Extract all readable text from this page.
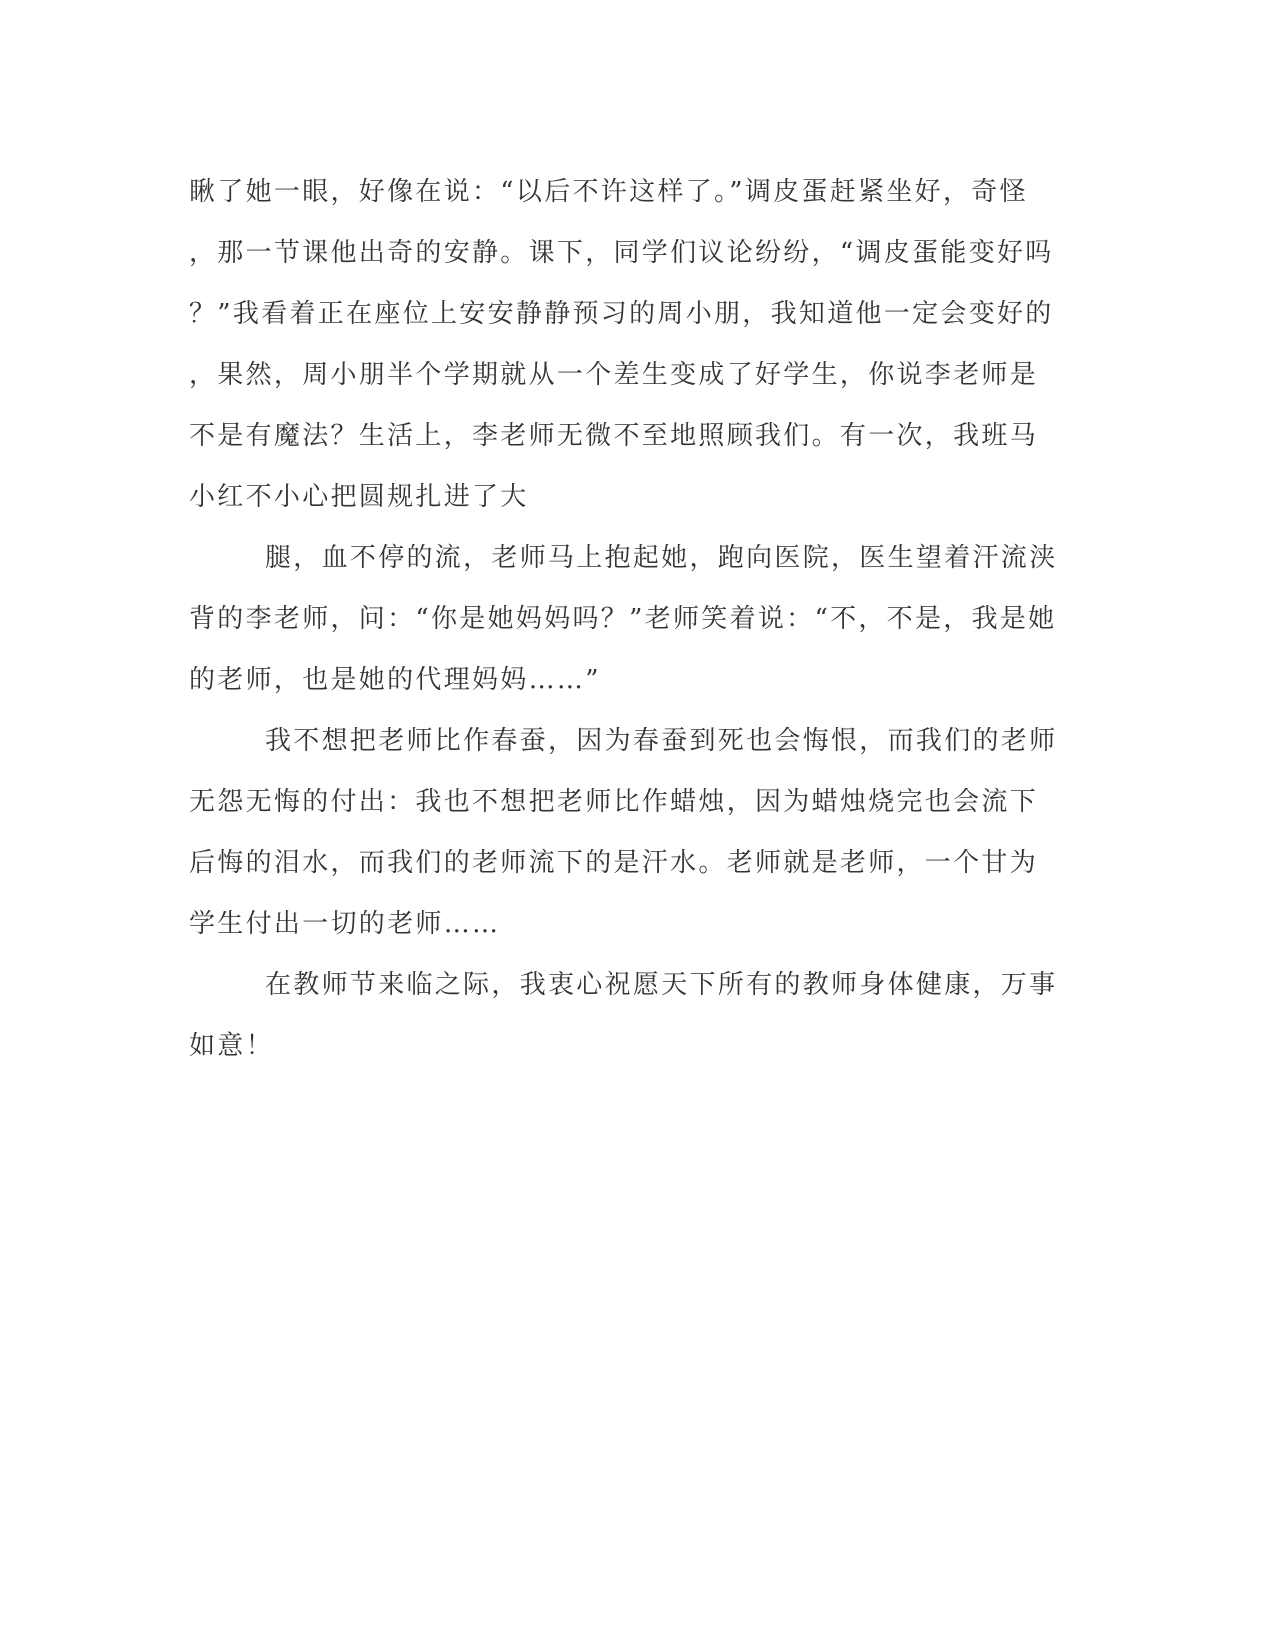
瞅了她一眼，好像在说：“以后不许这样了。”调皮蛋赶紧坐好，奇怪
，那一节课他出奇的安静。课下，同学们议论纷纷，“调皮蛋能变好吗
？”我看着正在座位上安安静静预习的周小朋，我知道他一定会变好的
，果然，周小朋半个学期就从一个差生变成了好学生，你说李老师是
不是有魔法？生活上，李老师无微不至地照顾我们。有一次，我班马
小红不小心把圆规扎进了大
腿，血不停的流，老师马上抱起她，跑向医院，医生望着汗流浃
背的李老师，问：“你是她妈妈吗？”老师笑着说：“不，不是，我是她
的老师，也是她的代理妈妈……”
我不想把老师比作春蚕，因为春蚕到死也会悔恨，而我们的老师
无怨无悔的付出：我也不想把老师比作蜡烛，因为蜡烛烧完也会流下
后悔的泪水，而我们的老师流下的是汗水。老师就是老师，一个甘为
学生付出一切的老师……
在教师节来临之际，我衷心祝愿天下所有的教师身体健康，万事
如意！
